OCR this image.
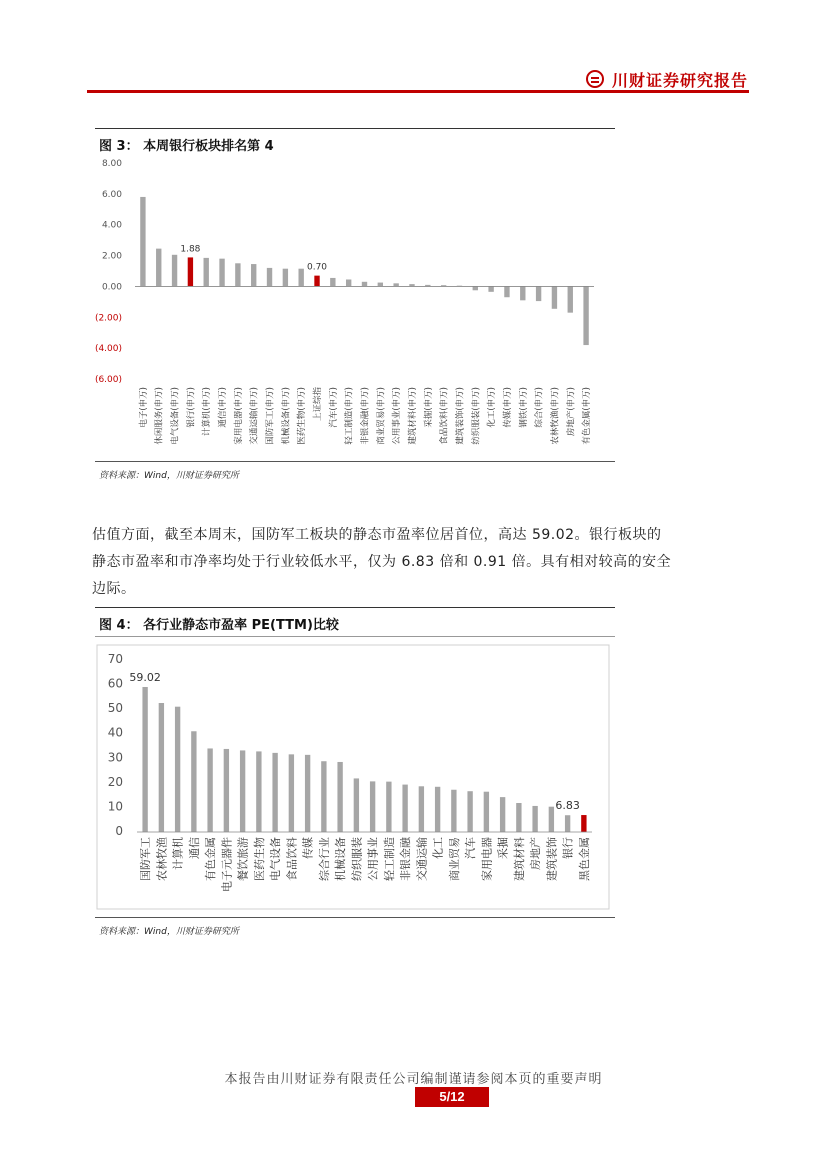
川财证券研究报告
图 3： 本周银行板块排名第 4
8.00
6.00
4.00
2.00
0.00
(2.00)
(4.00)
(6.00)
电子(申万) 休闲服务(申万) 电气设备(申万)
1.88
银行(申万) 计算机(申万) 通信(申万) 家用电器(申万) 交通运输(申万) 国防军工(申万) 机械设备(申万) 医药生物(申万)
0.70
上证综指 汽车(申万) 轻工制造(申万) 非银金融(申万) 商业贸易(申万) 公用事业(申万) 建筑材料(申万) 采掘(申万) 食品饮料(申万) 建筑装饰(申万) 纺织服装(申万) 化工(申万) 传媒(申万) 钢铁(申万) 综合(申万) 农林牧渔(申万) 房地产(申万) 有色金属(申万)
资料来源：Wind，川财证券研究所

估值方面，截至本周末，国防军工板块的静态市盈率位居首位，高达 59.02。银行板块的

静态市盈率和市净率均处于行业较低水平，仅为 6.83 倍和 0.91 倍。具有相对较高的安全

边际。

图 4： 各行业静态市盈率 PE(TTM)比较
70
60
50
40
30
20
10
0
59.02
国防军工 农林牧渔 计算机 通信 有色金属 电子元器件 餐饮旅游 医药生物 电气设备 食品饮料 传媒 综合行业 机械设备 纺织服装 公用事业 轻工制造 非银金融 交通运输 化工 商业贸易 汽车 家用电器 采掘 建筑材料 房地产 建筑装饰
6.83
银行 黑色金属
资料来源：Wind，川财证券研究所
本报告由川财证券有限责任公司编制谨请参阅本页的重要声明
5/12
